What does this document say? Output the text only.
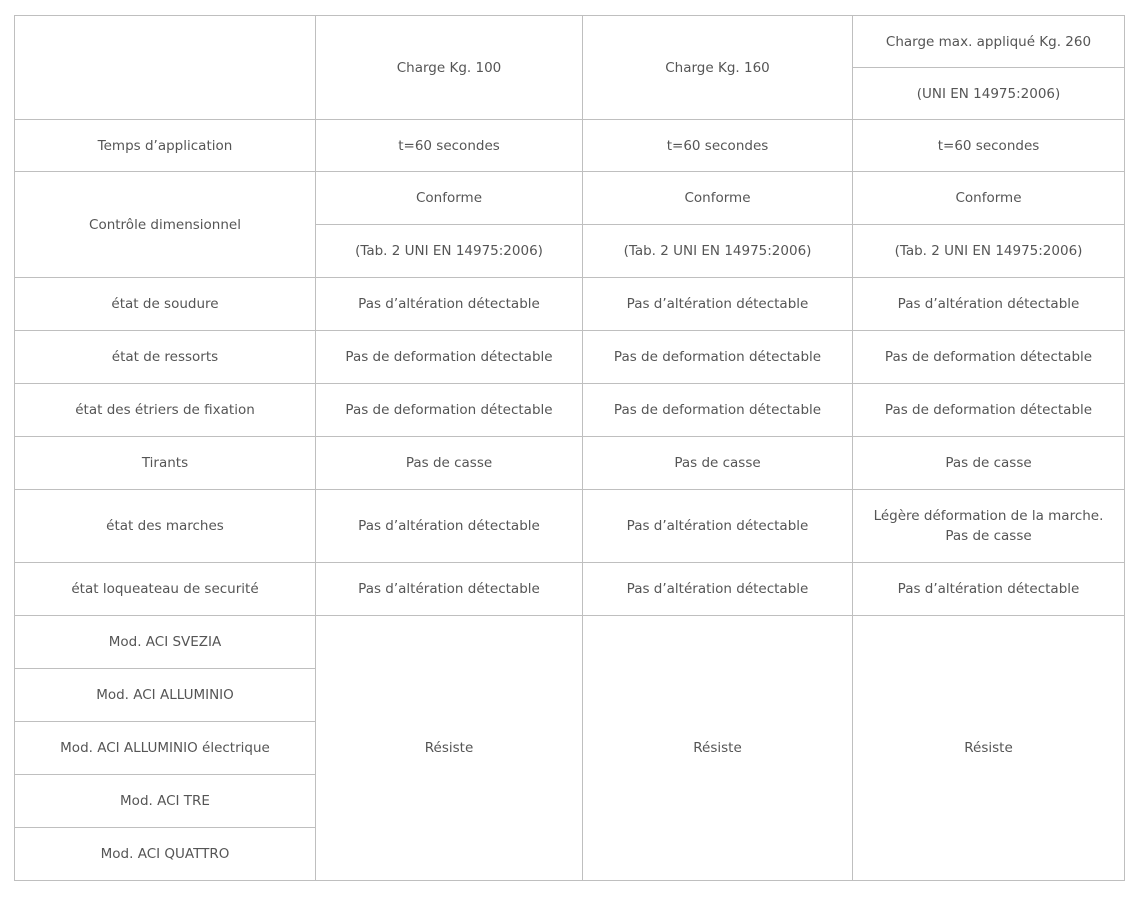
	Charge Kg. 100	Charge Kg. 160	Charge max. appliqué Kg. 260
			(UNI EN 14975:2006)
Temps d’application	t=60 secondes	t=60 secondes	t=60 secondes
Contrôle dimensionnel	Conforme	Conforme	Conforme
	(Tab. 2 UNI EN 14975:2006)	(Tab. 2 UNI EN 14975:2006)	(Tab. 2 UNI EN 14975:2006)
état de soudure	Pas d’altération détectable	Pas d’altération détectable	Pas d’altération détectable
état de ressorts	Pas de deformation détectable	Pas de deformation détectable	Pas de deformation détectable
état des étriers de fixation	Pas de deformation détectable	Pas de deformation détectable	Pas de deformation détectable
Tirants	Pas de casse	Pas de casse	Pas de casse
état des marches	Pas d’altération détectable	Pas d’altération détectable	Légère déformation de la marche. Pas de casse
état loqueateau de securité	Pas d’altération détectable	Pas d’altération détectable	Pas d’altération détectable
Mod. ACI SVEZIA	Résiste	Résiste	Résiste
Mod. ACI ALLUMINIO			
Mod. ACI ALLUMINIO électrique			
Mod. ACI TRE			
Mod. ACI QUATTRO			
